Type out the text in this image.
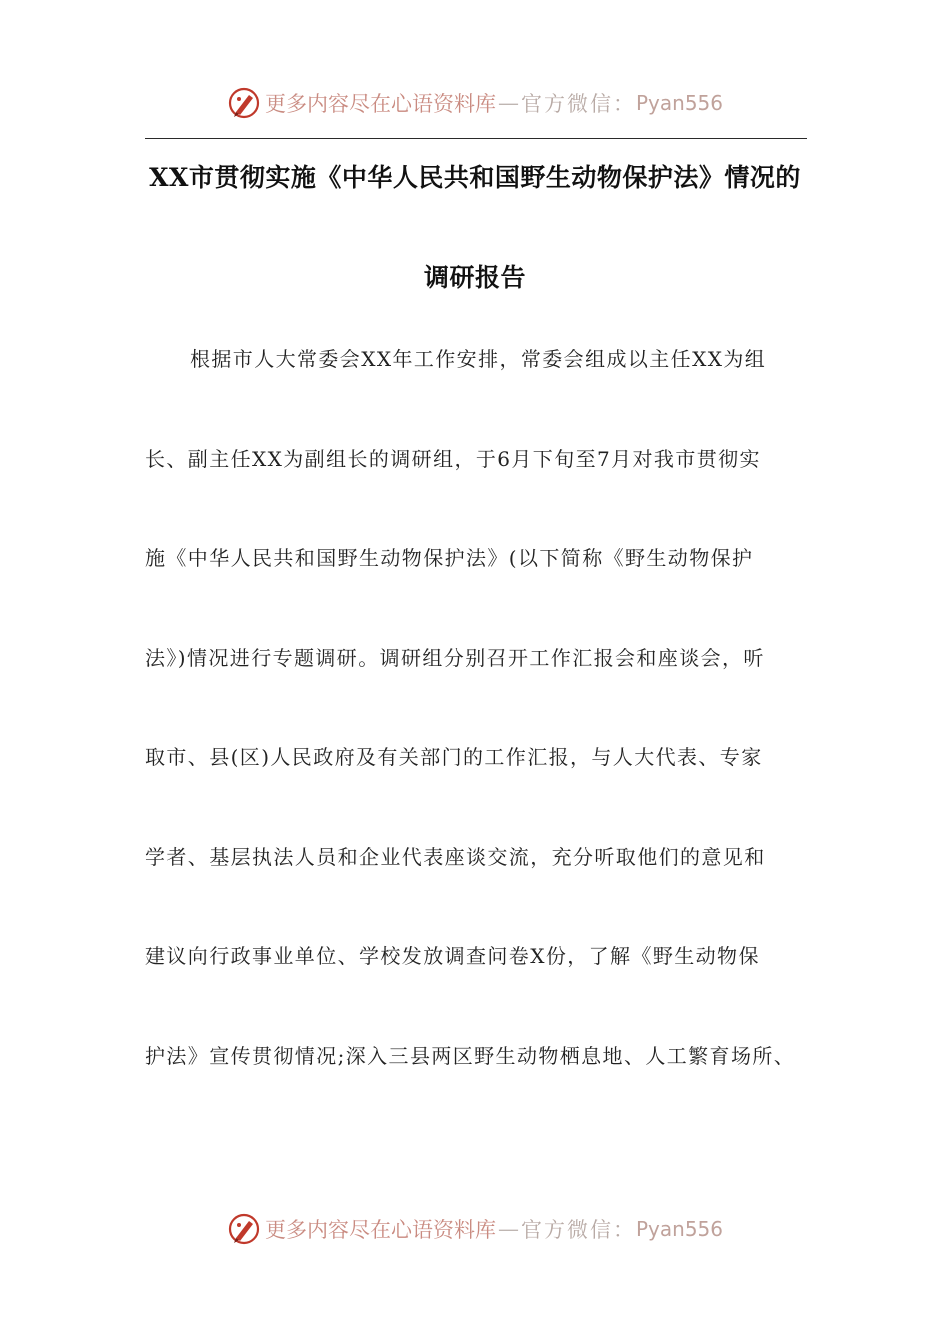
更多内容尽在心语资料库 — 官方微信： Pyan556
XX市贯彻实施《中华人民共和国野生动物保护法》情况的
调研报告
根据市人大常委会XX年工作安排，常委会组成以主任XX为组
长、副主任XX为副组长的调研组，于6月下旬至7月对我市贯彻实
施《中华人民共和国野生动物保护法》(以下简称《野生动物保护
法》)情况进行专题调研。调研组分别召开工作汇报会和座谈会，听
取市、县(区)人民政府及有关部门的工作汇报，与人大代表、专家
学者、基层执法人员和企业代表座谈交流，充分听取他们的意见和
建议向行政事业单位、学校发放调查问卷X份，了解《野生动物保
护法》宣传贯彻情况;深入三县两区野生动物栖息地、人工繁育场所、
更多内容尽在心语资料库 — 官方微信： Pyan556
